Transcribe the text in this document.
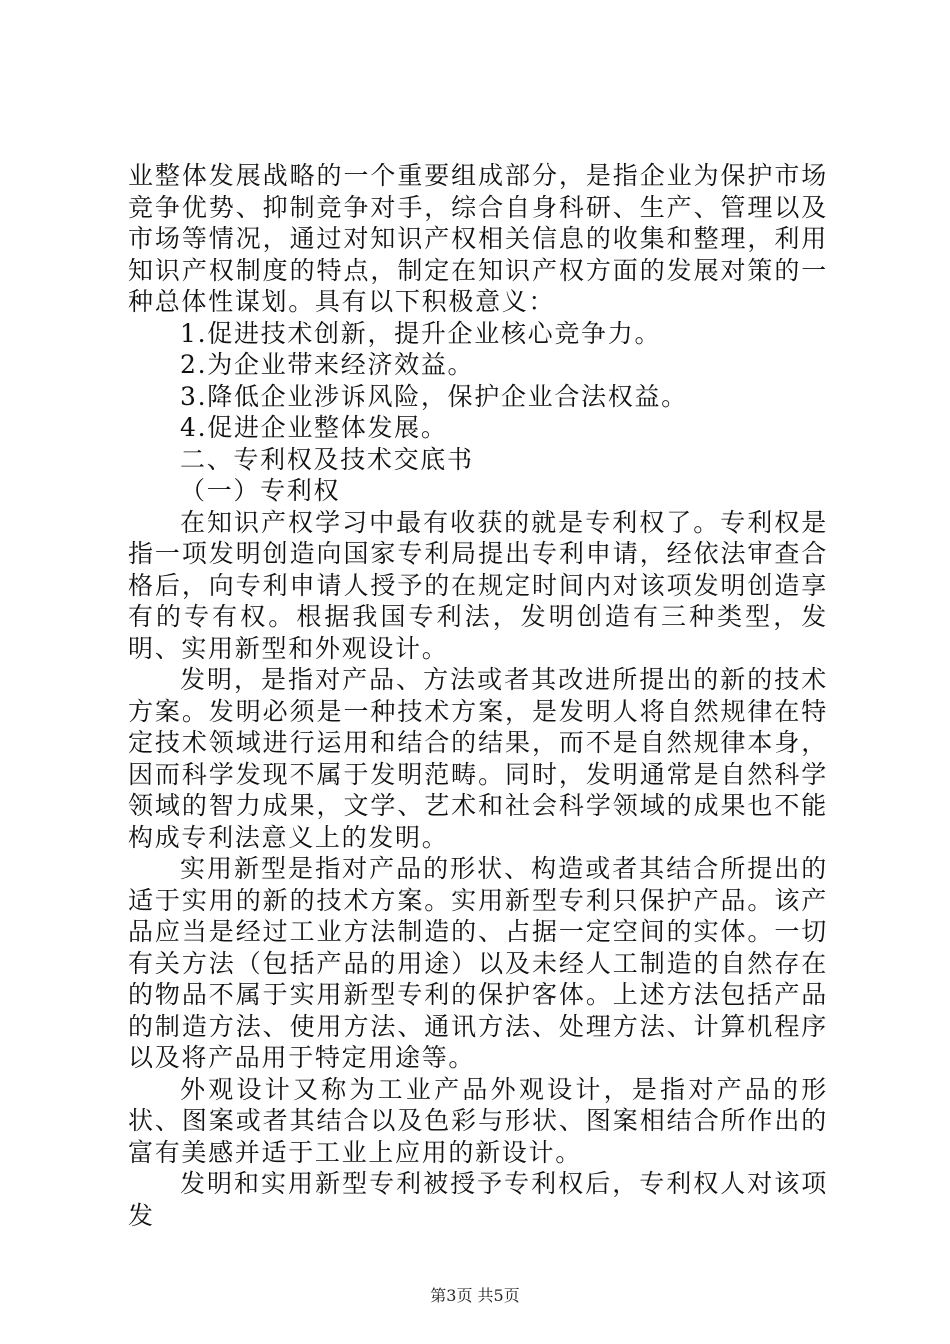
业整体发展战略的一个重要组成部分，是指企业为保护市场竞争优势、抑制竞争对手，综合自身科研、生产、管理以及市场等情况，通过对知识产权相关信息的收集和整理，利用知识产权制度的特点，制定在知识产权方面的发展对策的一种总体性谋划。具有以下积极意义：

1.促进技术创新，提升企业核心竞争力。

2.为企业带来经济效益。

3.降低企业涉诉风险，保护企业合法权益。

4.促进企业整体发展。

二、专利权及技术交底书

（一）专利权

在知识产权学习中最有收获的就是专利权了。专利权是指一项发明创造向国家专利局提出专利申请，经依法审查合格后，向专利申请人授予的在规定时间内对该项发明创造享有的专有权。根据我国专利法，发明创造有三种类型，发明、实用新型和外观设计。

发明，是指对产品、方法或者其改进所提出的新的技术方案。发明必须是一种技术方案，是发明人将自然规律在特定技术领域进行运用和结合的结果，而不是自然规律本身，因而科学发现不属于发明范畴。同时，发明通常是自然科学领域的智力成果，文学、艺术和社会科学领域的成果也不能构成专利法意义上的发明。

实用新型是指对产品的形状、构造或者其结合所提出的适于实用的新的技术方案。实用新型专利只保护产品。该产品应当是经过工业方法制造的、占据一定空间的实体。一切有关方法（包括产品的用途）以及未经人工制造的自然存在的物品不属于实用新型专利的保护客体。上述方法包括产品的制造方法、使用方法、通讯方法、处理方法、计算机程序以及将产品用于特定用途等。

外观设计又称为工业产品外观设计，是指对产品的形状、图案或者其结合以及色彩与形状、图案相结合所作出的富有美感并适于工业上应用的新设计。

发明和实用新型专利被授予专利权后，专利权人对该项发

第3页 共5页
